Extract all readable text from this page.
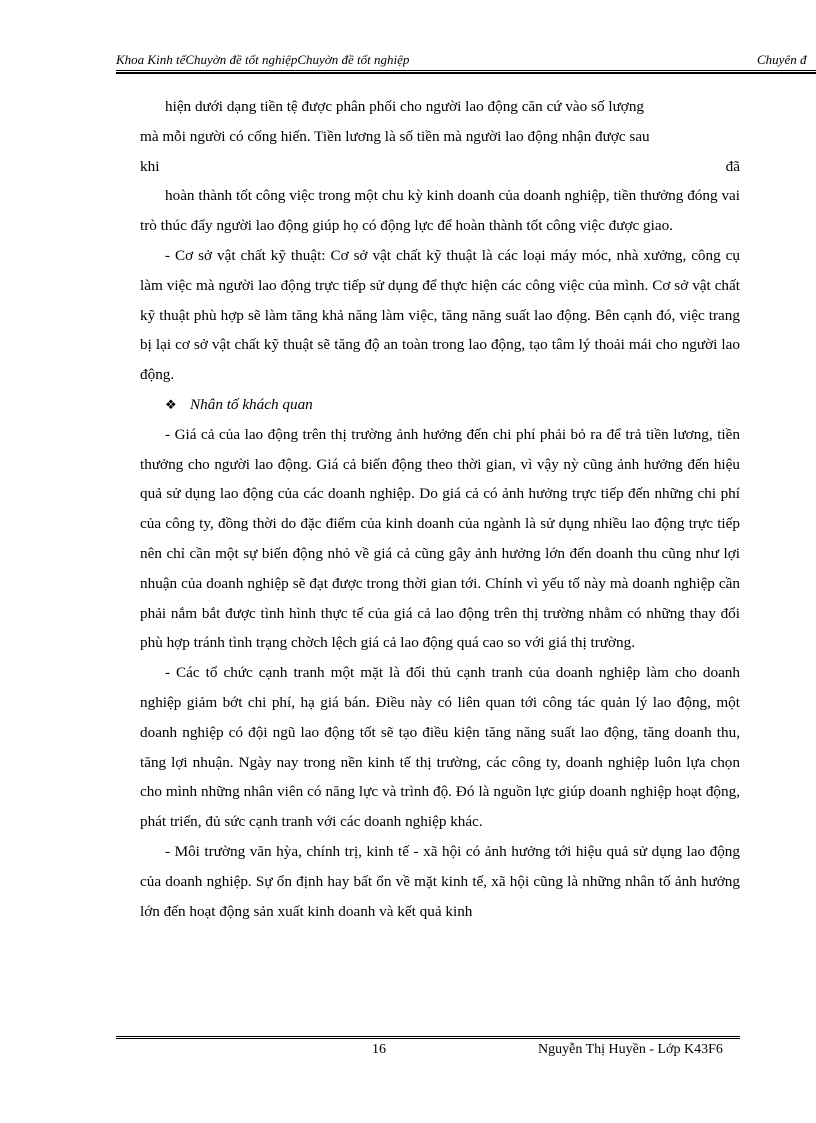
Khoa Kinh tếChuyờn đề tốt nghiệpChuyờn đề tốt nghiệp	Chuyên đ

hiện dưới dạng tiền tệ được phân phối cho người lao động căn cứ vào số lượng

mà mỗi người có cống hiến. Tiền lương là số tiền mà người lao động nhận được sau

khi	đã

hoàn thành tốt công việc trong một chu kỳ kinh doanh của doanh nghiệp, tiền thưởng đóng vai trò thúc đẩy người lao động giúp họ có động lực để hoàn thành tốt công việc được giao.

- Cơ sở vật chất kỹ thuật: Cơ sở vật chất kỹ thuật là các loại máy móc, nhà xưởng, công cụ làm việc mà người lao động trực tiếp sử dụng để thực hiện các công việc của mình. Cơ sở vật chất kỹ thuật phù hợp sẽ làm tăng khả năng làm việc, tăng năng suất lao động. Bên cạnh đó, việc trang bị lại cơ sở vật chất kỹ thuật sẽ tăng độ an toàn trong lao động, tạo tâm lý thoải mái cho người lao động.

❖ Nhân tố khách quan

- Giá cả của lao động trên thị trường ảnh hưởng đến chi phí phải bỏ ra để trả tiền lương, tiền thưởng cho người lao động. Giá cả biến động theo thời gian, vì vậy nỳ cũng ảnh hưởng đến hiệu quả sử dụng lao động của các doanh nghiệp. Do giá cả có ảnh hưởng trực tiếp đến những chi phí của công ty, đồng thời do đặc điểm của kinh doanh của ngành là sử dụng nhiều lao động trực tiếp nên chỉ cần một sự biến động nhỏ về giá cả cũng gây ảnh hưởng lớn đến doanh thu cũng như lợi nhuận của doanh nghiệp sẽ đạt được trong thời gian tới. Chính vì yếu tố này mà doanh nghiệp cần phải nắm bắt được tình hình thực tế của giá cả lao động trên thị trường nhằm có những thay đổi phù hợp tránh tình trạng chờch lệch giá cả lao động quá cao so với giá thị trường.

- Các tổ chức cạnh tranh một mặt là đối thủ cạnh tranh của doanh nghiệp làm cho doanh nghiệp giảm bớt chi phí, hạ giá bán. Điều này có liên quan tới công tác quản lý lao động, một doanh nghiệp có đội ngũ lao động tốt sẽ tạo điều kiện tăng năng suất lao động, tăng doanh thu, tăng lợi nhuận. Ngày nay trong nền kinh tế thị trường, các công ty, doanh nghiệp luôn lựa chọn cho mình những nhân viên có năng lực và trình độ. Đó là nguồn lực giúp doanh nghiệp hoạt động, phát triển, đủ sức cạnh tranh với các doanh nghiệp khác.

- Môi trường văn hỳa, chính trị, kinh tế - xã hội có ảnh hưởng tới hiệu quả sử dụng lao động của doanh nghiệp. Sự ổn định hay bất ổn về mặt kinh tế, xã hội cũng là những nhân tố ảnh hưởng lớn đến hoạt động sản xuất kinh doanh và kết quả kinh

16	Nguyễn Thị Huyền - Lớp K43F6
